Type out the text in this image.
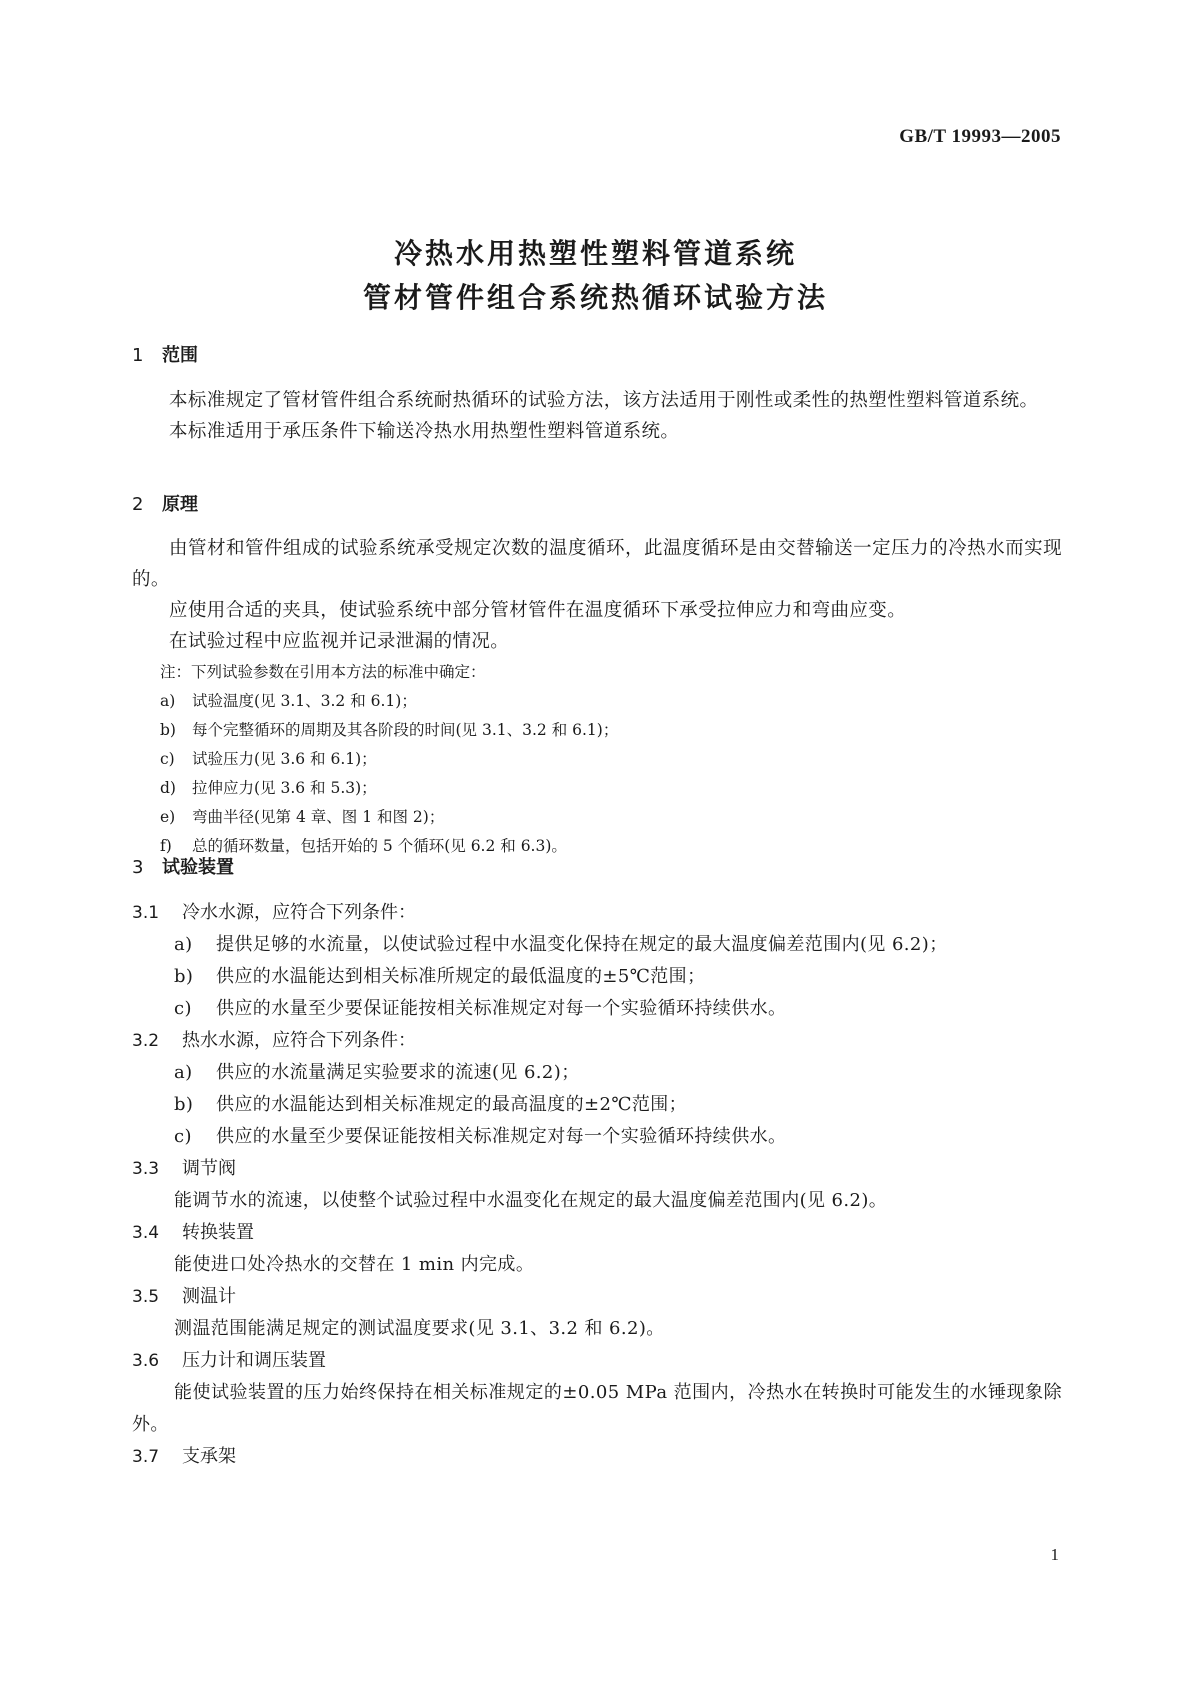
GB/T 19993—2005
冷热水用热塑性塑料管道系统
管材管件组合系统热循环试验方法
1 范围
本标准规定了管材管件组合系统耐热循环的试验方法，该方法适用于刚性或柔性的热塑性塑料管道系统。
本标准适用于承压条件下输送冷热水用热塑性塑料管道系统。
2 原理
由管材和管件组成的试验系统承受规定次数的温度循环，此温度循环是由交替输送一定压力的冷热水而实现的。
应使用合适的夹具，使试验系统中部分管材管件在温度循环下承受拉伸应力和弯曲应变。
在试验过程中应监视并记录泄漏的情况。
注：下列试验参数在引用本方法的标准中确定：
a) 试验温度(见 3.1、3.2 和 6.1)；
b) 每个完整循环的周期及其各阶段的时间(见 3.1、3.2 和 6.1)；
c) 试验压力(见 3.6 和 6.1)；
d) 拉伸应力(见 3.6 和 5.3)；
e) 弯曲半径(见第 4 章、图 1 和图 2)；
f) 总的循环数量，包括开始的 5 个循环(见 6.2 和 6.3)。
3 试验装置
3.1 冷水水源，应符合下列条件：
a) 提供足够的水流量，以使试验过程中水温变化保持在规定的最大温度偏差范围内(见 6.2)；
b) 供应的水温能达到相关标准所规定的最低温度的±5℃范围；
c) 供应的水量至少要保证能按相关标准规定对每一个实验循环持续供水。
3.2 热水水源，应符合下列条件：
a) 供应的水流量满足实验要求的流速(见 6.2)；
b) 供应的水温能达到相关标准规定的最高温度的±2℃范围；
c) 供应的水量至少要保证能按相关标准规定对每一个实验循环持续供水。
3.3 调节阀
能调节水的流速，以使整个试验过程中水温变化在规定的最大温度偏差范围内(见 6.2)。
3.4 转换装置
能使进口处冷热水的交替在 1 min 内完成。
3.5 测温计
测温范围能满足规定的测试温度要求(见 3.1、3.2 和 6.2)。
3.6 压力计和调压装置
能使试验装置的压力始终保持在相关标准规定的±0.05 MPa 范围内，冷热水在转换时可能发生的水锤现象除外。
3.7 支承架
1
